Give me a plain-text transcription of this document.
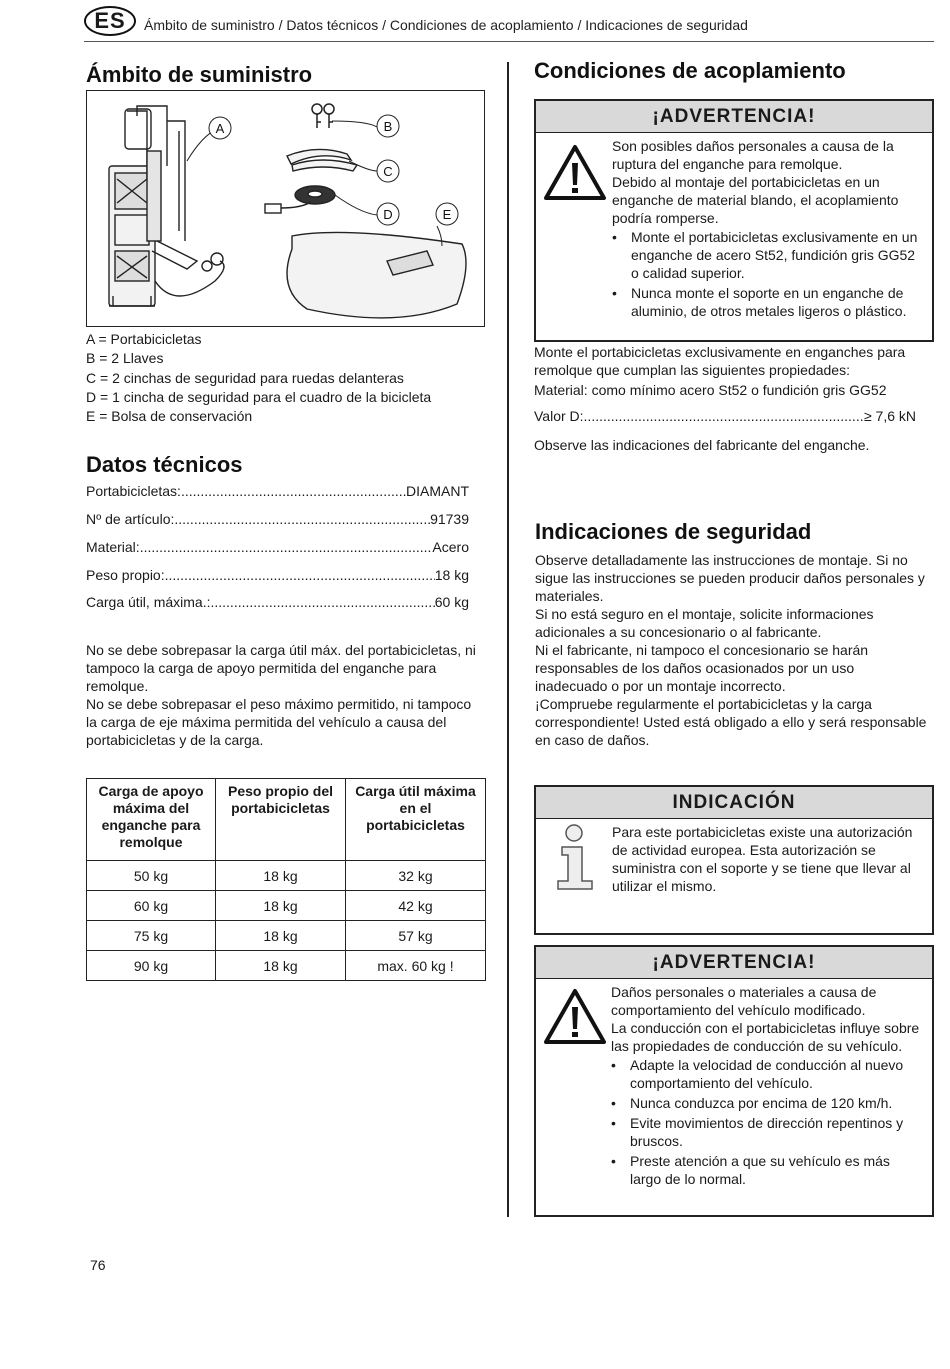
ES	Ámbito de suministro / Datos técnicos / Condiciones de acoplamiento / Indicaciones de seguridad
Ámbito de suministro
A	B
C
D	E

A = Portabicicletas

B = 2 Llaves

C = 2 cinchas de seguridad para ruedas delanteras

D = 1 cincha de seguridad para el cuadro de la bicicleta

E = Bolsa de conservación

Datos técnicos
Portabicicletas: .....	DIAMANT
Nº de artículo: .....	91739
Material: .....	Acero
Peso propio: .....	18 kg
Carga útil, máxima.: .....	60 kg

No se debe sobrepasar la carga útil máx. del portabicicletas, ni tampoco la carga de apoyo permitida del enganche para remolque.

No se debe sobrepasar el peso máximo permitido, ni tampoco la carga de eje máxima permitida del vehículo a causa del portabicicletas y de la carga.

Carga de apoyo máxima del enganche para remolque	Peso propio del portabicicletas	Carga útil máxima en el portabicicletas
50 kg	18 kg	32 kg
60 kg	18 kg	42 kg
75 kg	18 kg	57 kg
90 kg	18 kg	max. 60 kg !
Condiciones de acoplamiento
¡ADVERTENCIA!

Son posibles daños personales a causa de la ruptura del enganche para remolque.

Debido al montaje del portabicicletas en un enganche de material blando, el acoplamiento podría romperse.

• Monte el portabicicletas exclusivamente en un enganche de acero St52, fundición gris GG52 o calidad superior.
• Nunca monte el soporte en un enganche de aluminio, de otros metales ligeros o plástico.

Monte el portabicicletas exclusivamente en enganches para remolque que cumplan las siguientes propiedades:

Material: como mínimo acero St52 o fundición gris GG52

Valor D: .....	≥ 7,6 kN
Observe las indicaciones del fabricante del enganche.
Indicaciones de seguridad

Observe detalladamente las instrucciones de montaje. Si no sigue las instrucciones se pueden producir daños personales y materiales.

Si no está seguro en el montaje, solicite informaciones adicionales a su concesionario o al fabricante.

Ni el fabricante, ni tampoco el concesionario se harán responsables de los daños ocasionados por un uso inadecuado o por un montaje incorrecto.

¡Compruebe regularmente el portabicicletas y la carga correspondiente! Usted está obligado a ello y será responsable en caso de daños.

INDICACIÓN
Para este portabicicletas existe una autorización de actividad europea. Esta autorización se suministra con el soporte y se tiene que llevar al utilizar el mismo.
¡ADVERTENCIA!

Daños personales o materiales a causa de comportamiento del vehículo modificado.

La conducción con el portabicicletas influye sobre las propiedades de conducción de su vehículo.

• Adapte la velocidad de conducción al nuevo comportamiento del vehículo.
• Nunca conduzca por encima de 120 km/h.
• Evite movimientos de dirección repentinos y bruscos.
• Preste atención a que su vehículo es más largo de lo normal.
76
